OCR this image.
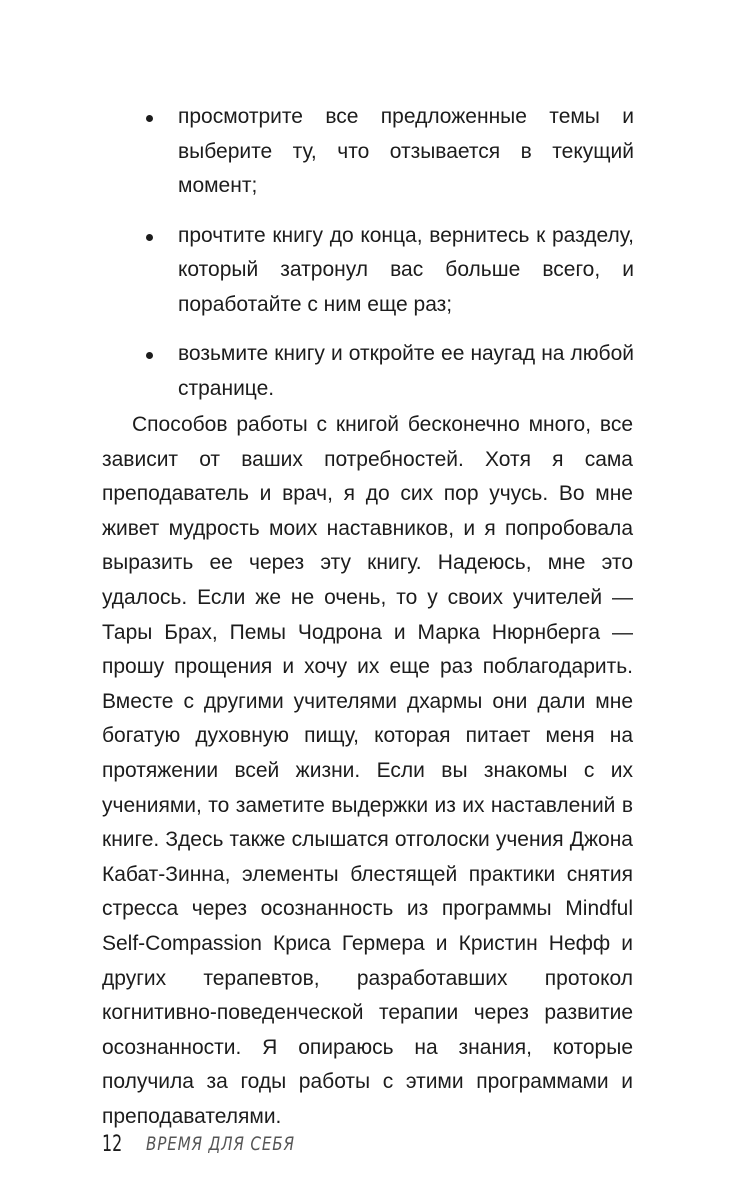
просмотрите все предложенные темы и выберите ту, что отзывается в текущий момент;
прочтите книгу до конца, вернитесь к разделу, который затронул вас больше всего, и поработайте с ним еще раз;
возьмите книгу и откройте ее наугад на любой странице.

Способов работы с книгой бесконечно много, все зависит от ваших потребностей. Хотя я сама преподаватель и врач, я до сих пор учусь. Во мне живет мудрость моих наставников, и я попробовала выразить ее через эту книгу. Надеюсь, мне это удалось. Если же не очень, то у своих учителей — Тары Брах, Пемы Чодрона и Марка Нюрнберга — прошу прощения и хочу их еще раз поблагодарить. Вместе с другими учителями дхармы они дали мне богатую духовную пищу, которая питает меня на протяжении всей жизни. Если вы знакомы с их учениями, то заметите выдержки из их наставлений в книге. Здесь также слышатся отголоски учения Джона Кабат-Зинна, элементы блестящей практики снятия стресса через осознанность из программы Mindful Self-Compassion Криса Гермера и Кристин Нефф и других терапевтов, разработавших протокол когнитивно-поведенческой терапии через развитие осознанности. Я опираюсь на знания, которые получила за годы работы с этими программами и преподавателями.

12 ВРЕМЯ ДЛЯ СЕБЯ
